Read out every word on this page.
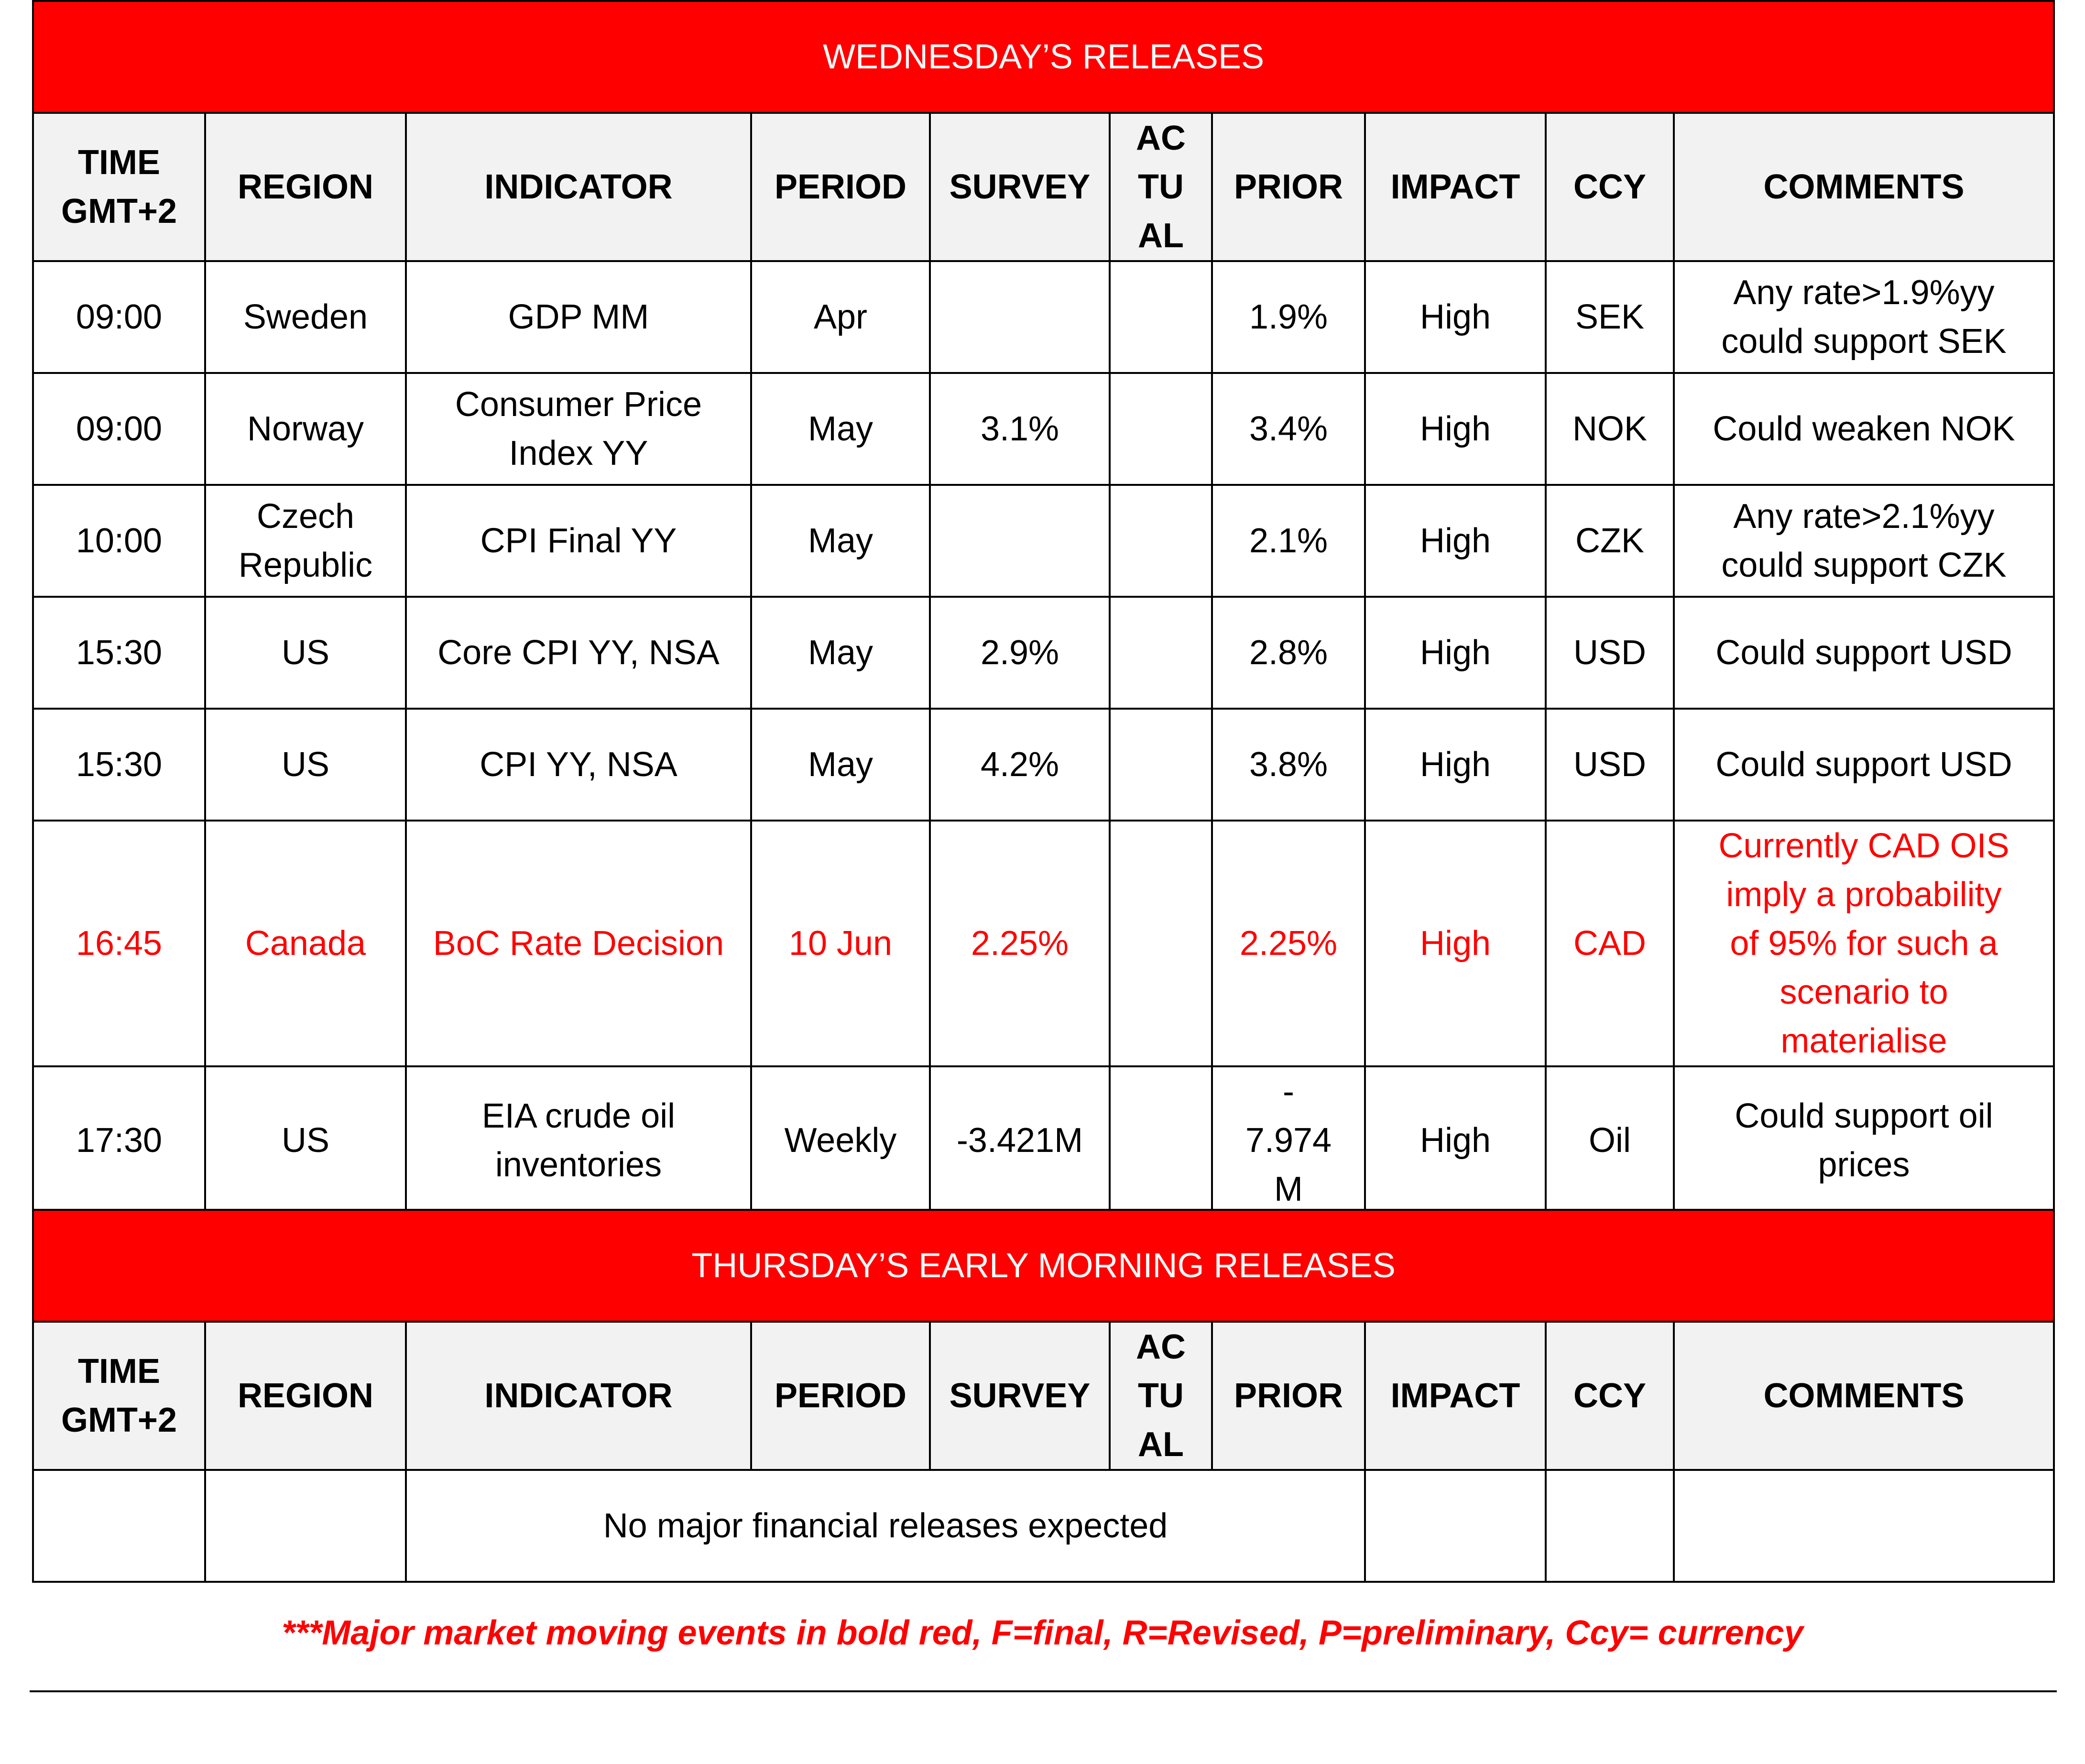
WEDNESDAY’S RELEASES									
TIME
GMT+2	REGION	INDICATOR	PERIOD	SURVEY	AC
TU
AL	PRIOR	IMPACT	CCY	COMMENTS
09:00	Sweden	GDP MM	Apr			1.9%	High	SEK	Any rate>1.9%yy
could support SEK
09:00	Norway	Consumer Price
Index YY	May	3.1%		3.4%	High	NOK	Could weaken NOK
10:00	Czech
Republic	CPI Final YY	May			2.1%	High	CZK	Any rate>2.1%yy
could support CZK
15:30	US	Core CPI YY, NSA	May	2.9%		2.8%	High	USD	Could support USD
15:30	US	CPI YY, NSA	May	4.2%		3.8%	High	USD	Could support USD
16:45	Canada	BoC Rate Decision	10 Jun	2.25%		2.25%	High	CAD	Currently CAD OIS
imply a probability
of 95% for such a
scenario to
materialise
17:30	US	EIA crude oil
inventories	Weekly	-3.421M		-
7.974
M	High	Oil	Could support oil
prices
THURSDAY’S EARLY MORNING RELEASES									
TIME
GMT+2	REGION	INDICATOR	PERIOD	SURVEY	AC
TU
AL	PRIOR	IMPACT	CCY	COMMENTS
		No major financial releases expected							
***Major market moving events in bold red, F=final, R=Revised, P=preliminary, Ccy= currency
